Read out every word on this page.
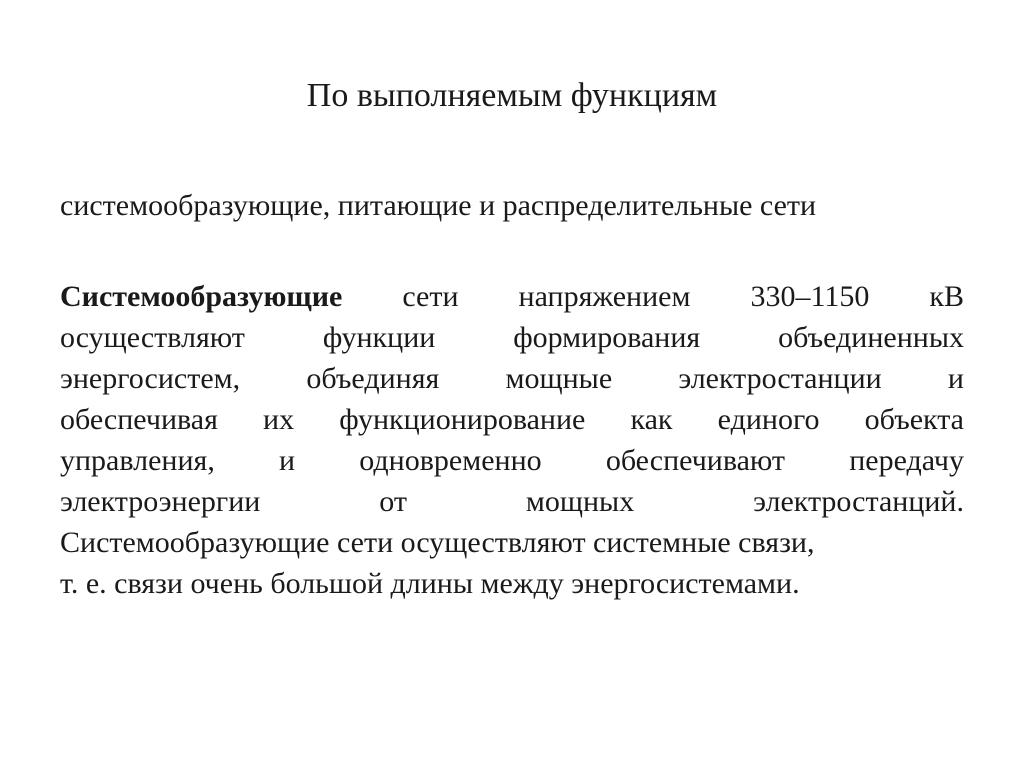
По выполняемым функциям

системообразующие, питающие и распределительные сети

Системообразующие сети напряжением 330–1150 кВ
осуществляют функции формирования объединенных
энергосистем, объединяя мощные электростанции и
обеспечивая их функционирование как единого объекта
управления, и одновременно обеспечивают передачу
электроэнергии от мощных электростанций.
Системообразующие сети осуществляют системные связи,
т. е. связи очень большой длины между энергосистемами.
